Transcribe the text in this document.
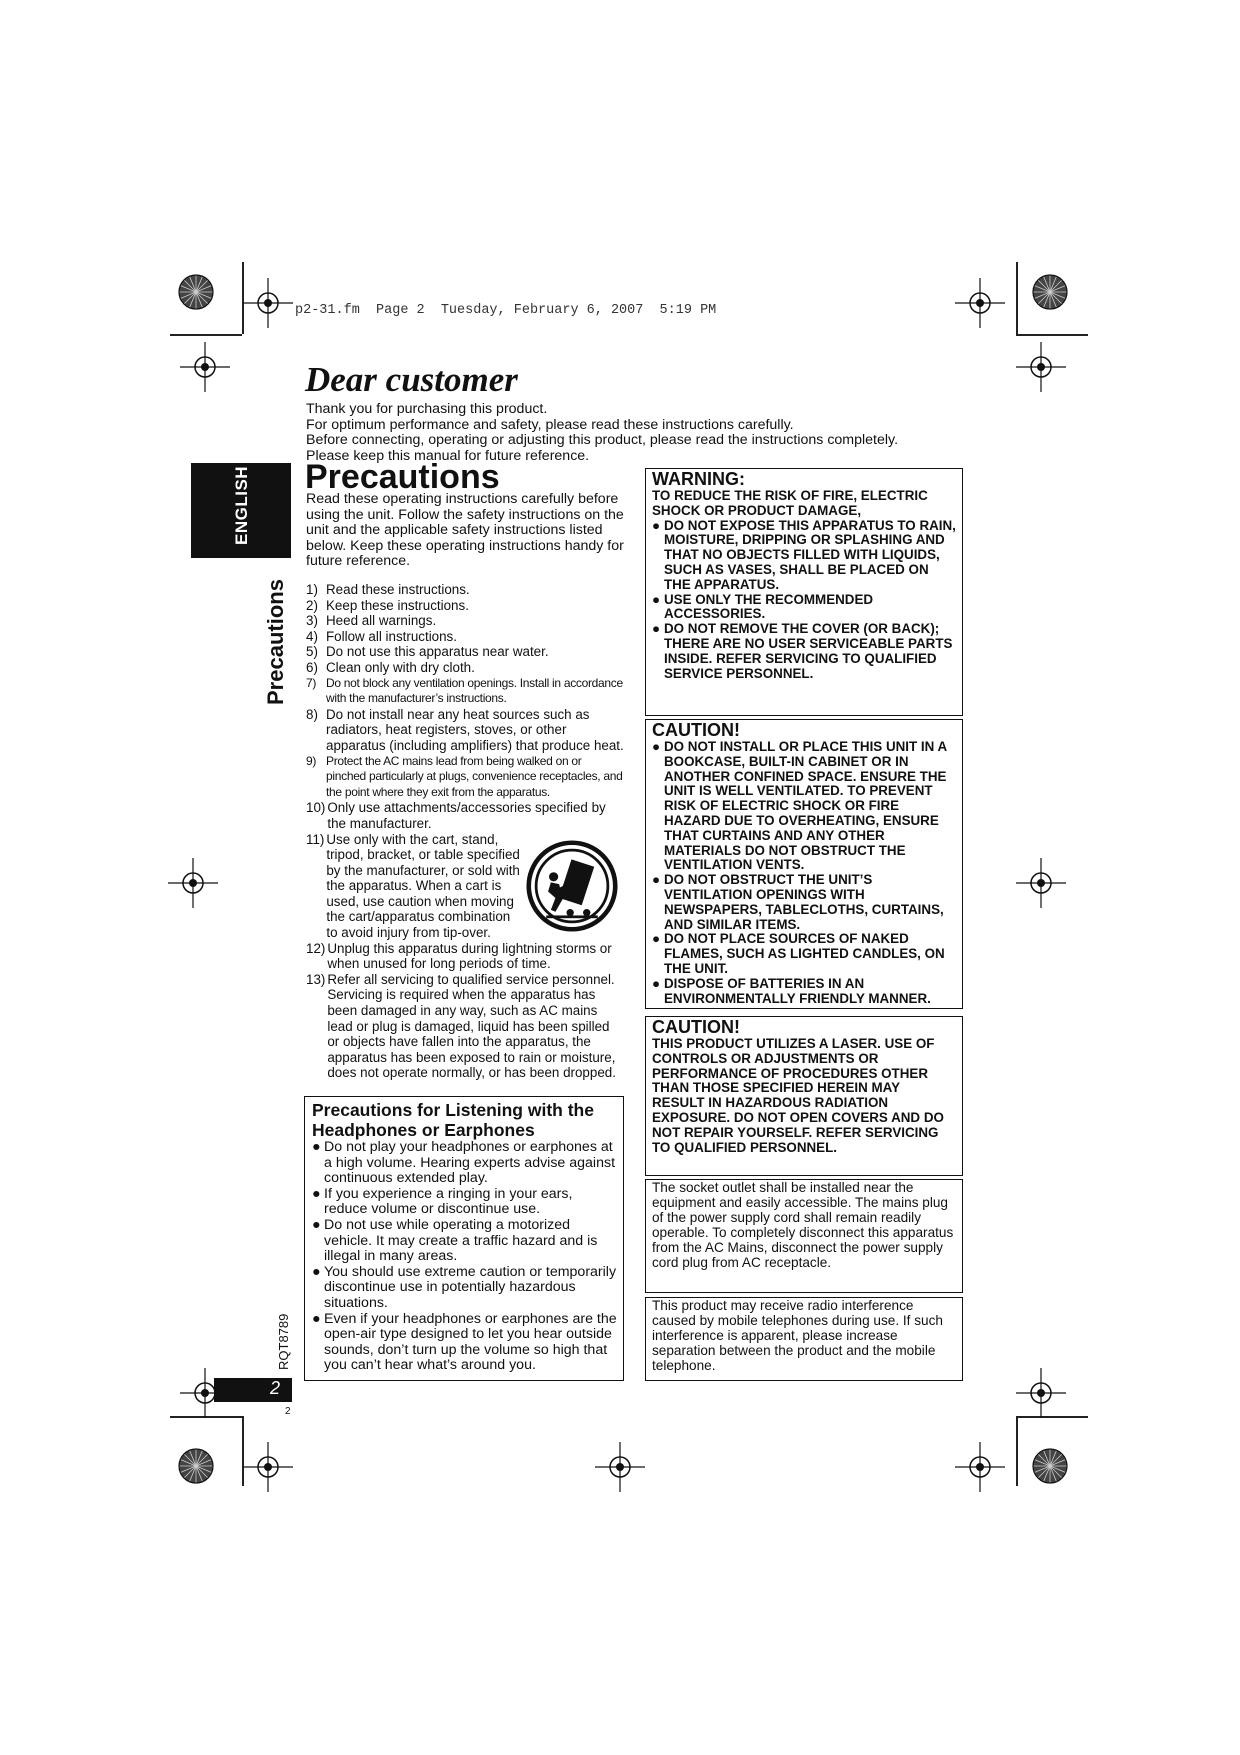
p2-31.fm  Page 2  Tuesday, February 6, 2007  5:19 PM
ENGLISH
Precautions
RQT8789
2
2
Dear customer
Thank you for purchasing this product.
For optimum performance and safety, please read these instructions carefully.
Before connecting, operating or adjusting this product, please read the instructions completely.
Please keep this manual for future reference.
Precautions
Read these operating instructions carefully before using the unit. Follow the safety instructions on the unit and the applicable safety instructions listed below. Keep these operating instructions handy for future reference.
1) Read these instructions.
2) Keep these instructions.
3) Heed all warnings.
4) Follow all instructions.
5) Do not use this apparatus near water.
6) Clean only with dry cloth.
7) Do not block any ventilation openings. Install in accordance with the manufacturer’s instructions.
8) Do not install near any heat sources such as radiators, heat registers, stoves, or other apparatus (including amplifiers) that produce heat.
9) Protect the AC mains lead from being walked on or pinched particularly at plugs, convenience receptacles, and the point where they exit from the apparatus.
10) Only use attachments/accessories specified by the manufacturer.
11) Use only with the cart, stand, tripod, bracket, or table specified by the manufacturer, or sold with the apparatus. When a cart is used, use caution when moving the cart/apparatus combination to avoid injury from tip-over.
12) Unplug this apparatus during lightning storms or when unused for long periods of time.
13) Refer all servicing to qualified service personnel. Servicing is required when the apparatus has been damaged in any way, such as AC mains lead or plug is damaged, liquid has been spilled or objects have fallen into the apparatus, the apparatus has been exposed to rain or moisture, does not operate normally, or has been dropped.
Precautions for Listening with the Headphones or Earphones
● Do not play your headphones or earphones at a high volume. Hearing experts advise against continuous extended play.
● If you experience a ringing in your ears, reduce volume or discontinue use.
● Do not use while operating a motorized vehicle. It may create a traffic hazard and is illegal in many areas.
● You should use extreme caution or temporarily discontinue use in potentially hazardous situations.
● Even if your headphones or earphones are the open-air type designed to let you hear outside sounds, don’t turn up the volume so high that you can’t hear what’s around you.
WARNING:
TO REDUCE THE RISK OF FIRE, ELECTRIC SHOCK OR PRODUCT DAMAGE,
● DO NOT EXPOSE THIS APPARATUS TO RAIN, MOISTURE, DRIPPING OR SPLASHING AND THAT NO OBJECTS FILLED WITH LIQUIDS, SUCH AS VASES, SHALL BE PLACED ON THE APPARATUS.
● USE ONLY THE RECOMMENDED ACCESSORIES.
● DO NOT REMOVE THE COVER (OR BACK); THERE ARE NO USER SERVICEABLE PARTS INSIDE. REFER SERVICING TO QUALIFIED SERVICE PERSONNEL.
CAUTION!
● DO NOT INSTALL OR PLACE THIS UNIT IN A BOOKCASE, BUILT-IN CABINET OR IN ANOTHER CONFINED SPACE. ENSURE THE UNIT IS WELL VENTILATED. TO PREVENT RISK OF ELECTRIC SHOCK OR FIRE HAZARD DUE TO OVERHEATING, ENSURE THAT CURTAINS AND ANY OTHER MATERIALS DO NOT OBSTRUCT THE VENTILATION VENTS.
● DO NOT OBSTRUCT THE UNIT’S VENTILATION OPENINGS WITH NEWSPAPERS, TABLECLOTHS, CURTAINS, AND SIMILAR ITEMS.
● DO NOT PLACE SOURCES OF NAKED FLAMES, SUCH AS LIGHTED CANDLES, ON THE UNIT.
● DISPOSE OF BATTERIES IN AN ENVIRONMENTALLY FRIENDLY MANNER.
CAUTION!
THIS PRODUCT UTILIZES A LASER. USE OF CONTROLS OR ADJUSTMENTS OR PERFORMANCE OF PROCEDURES OTHER THAN THOSE SPECIFIED HEREIN MAY RESULT IN HAZARDOUS RADIATION EXPOSURE. DO NOT OPEN COVERS AND DO NOT REPAIR YOURSELF. REFER SERVICING TO QUALIFIED PERSONNEL.
The socket outlet shall be installed near the equipment and easily accessible. The mains plug of the power supply cord shall remain readily operable. To completely disconnect this apparatus from the AC Mains, disconnect the power supply cord plug from AC receptacle.
This product may receive radio interference caused by mobile telephones during use. If such interference is apparent, please increase separation between the product and the mobile telephone.
